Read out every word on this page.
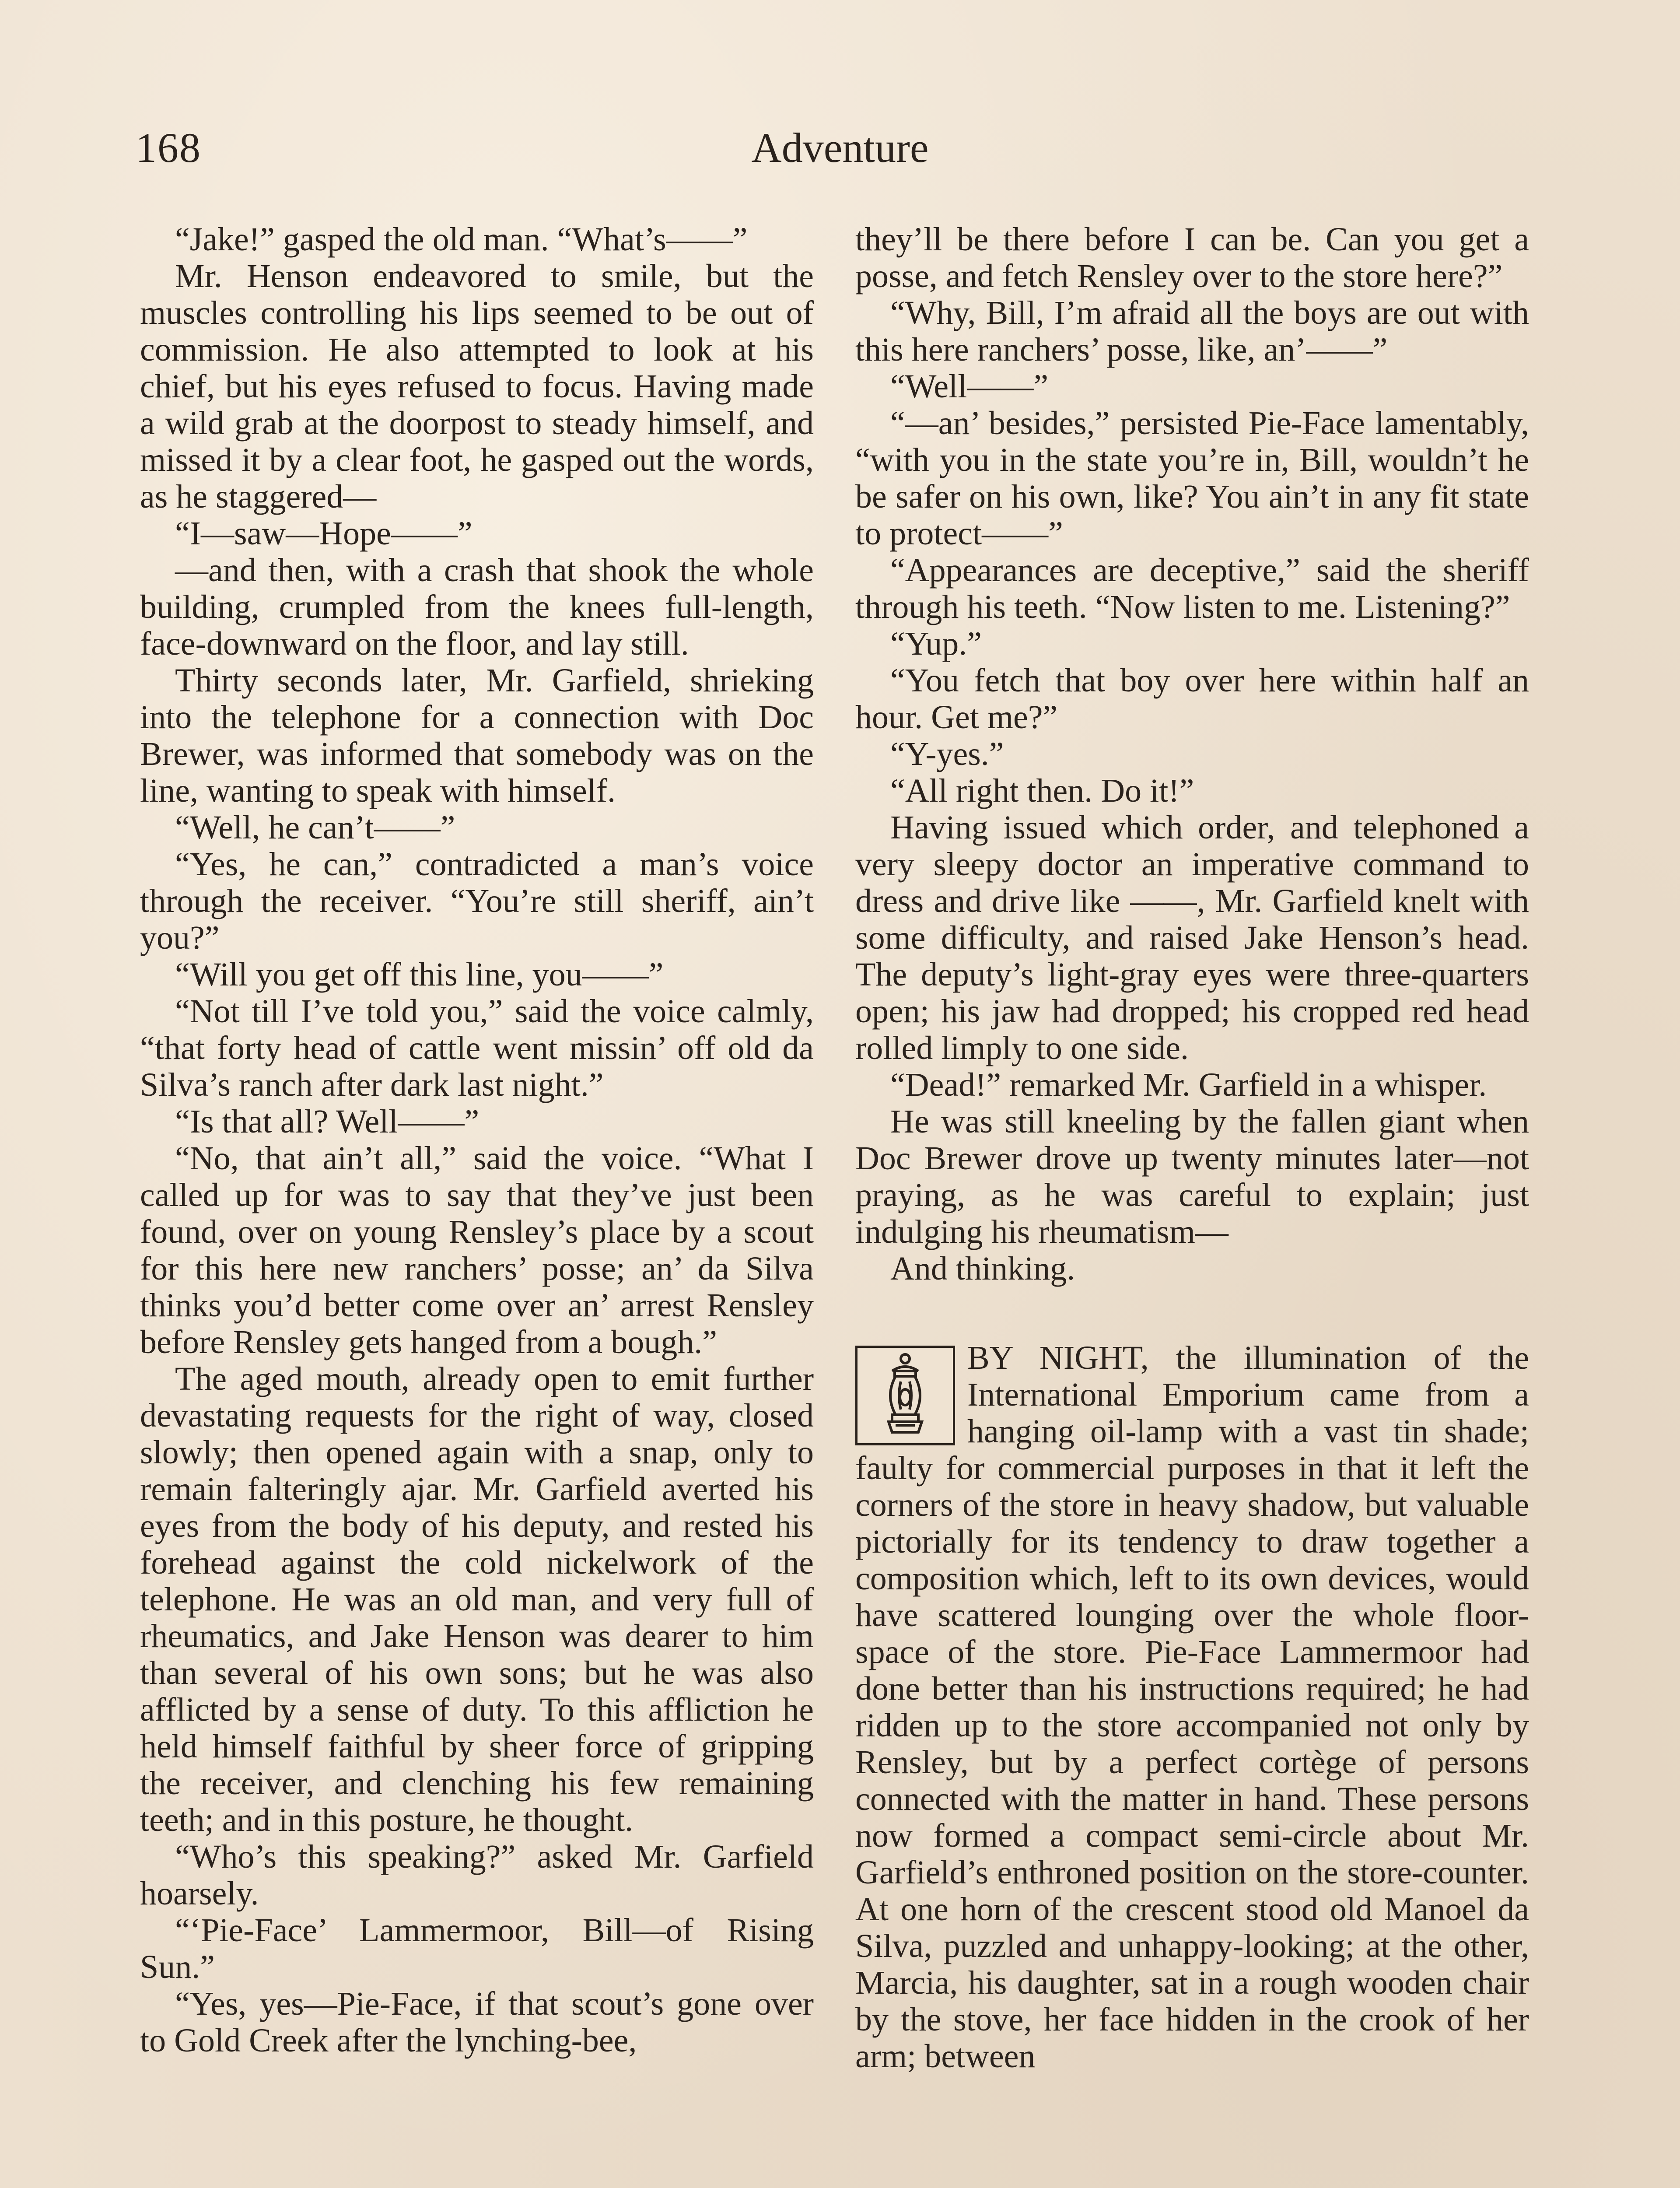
168	Adventure

“Jake!” gasped the old man. “What’s——”

Mr. Henson endeavored to smile, but the muscles controlling his lips seemed to be out of commission. He also attempted to look at his chief, but his eyes refused to focus. Having made a wild grab at the doorpost to steady himself, and missed it by a clear foot, he gasped out the words, as he staggered—

“I—saw—Hope——”

—and then, with a crash that shook the whole building, crumpled from the knees full-length, face-downward on the floor, and lay still.

Thirty seconds later, Mr. Garfield, shrieking into the telephone for a connection with Doc Brewer, was informed that somebody was on the line, wanting to speak with himself.

“Well, he can’t——”

“Yes, he can,” contradicted a man’s voice through the receiver. “You’re still sheriff, ain’t you?”

“Will you get off this line, you——”

“Not till I’ve told you,” said the voice calmly, “that forty head of cattle went missin’ off old da Silva’s ranch after dark last night.”

“Is that all? Well——”

“No, that ain’t all,” said the voice. “What I called up for was to say that they’ve just been found, over on young Rensley’s place by a scout for this here new ranchers’ posse; an’ da Silva thinks you’d better come over an’ arrest Rensley before Rensley gets hanged from a bough.”

The aged mouth, already open to emit further devastating requests for the right of way, closed slowly; then opened again with a snap, only to remain falteringly ajar. Mr. Garfield averted his eyes from the body of his deputy, and rested his forehead against the cold nickelwork of the telephone. He was an old man, and very full of rheumatics, and Jake Henson was dearer to him than several of his own sons; but he was also afflicted by a sense of duty. To this affliction he held himself faithful by sheer force of gripping the receiver, and clenching his few remaining teeth; and in this posture, he thought.

“Who’s this speaking?” asked Mr. Garfield hoarsely.

“‘Pie-Face’ Lammermoor, Bill—of Rising Sun.”

“Yes, yes—Pie-Face, if that scout’s gone over to Gold Creek after the lynching-bee,

they’ll be there before I can be. Can you get a posse, and fetch Rensley over to the store here?”

“Why, Bill, I’m afraid all the boys are out with this here ranchers’ posse, like, an’——”

“Well——”

“—an’ besides,” persisted Pie-Face lamentably, “with you in the state you’re in, Bill, wouldn’t he be safer on his own, like? You ain’t in any fit state to protect——”

“Appearances are deceptive,” said the sheriff through his teeth. “Now listen to me. Listening?”

“Yup.”

“You fetch that boy over here within half an hour. Get me?”

“Y-yes.”

“All right then. Do it!”

Having issued which order, and telephoned a very sleepy doctor an imperative command to dress and drive like ——, Mr. Garfield knelt with some difficulty, and raised Jake Henson’s head. The deputy’s light-gray eyes were three-quarters open; his jaw had dropped; his cropped red head rolled limply to one side.

“Dead!” remarked Mr. Garfield in a whisper.

He was still kneeling by the fallen giant when Doc Brewer drove up twenty minutes later—not praying, as he was careful to explain; just indulging his rheumatism—

And thinking.

BY NIGHT, the illumination of the International Emporium came from a hanging oil-lamp with a vast tin shade; faulty for commercial purposes in that it left the corners of the store in heavy shadow, but valuable pictorially for its tendency to draw together a composition which, left to its own devices, would have scattered lounging over the whole floor-space of the store. Pie-Face Lammermoor had done better than his instructions required; he had ridden up to the store accompanied not only by Rensley, but by a perfect cortège of persons connected with the matter in hand. These persons now formed a compact semi-circle about Mr. Garfield’s enthroned position on the store-counter. At one horn of the crescent stood old Manoel da Silva, puzzled and unhappy-looking; at the other, Marcia, his daughter, sat in a rough wooden chair by the stove, her face hidden in the crook of her arm; between
